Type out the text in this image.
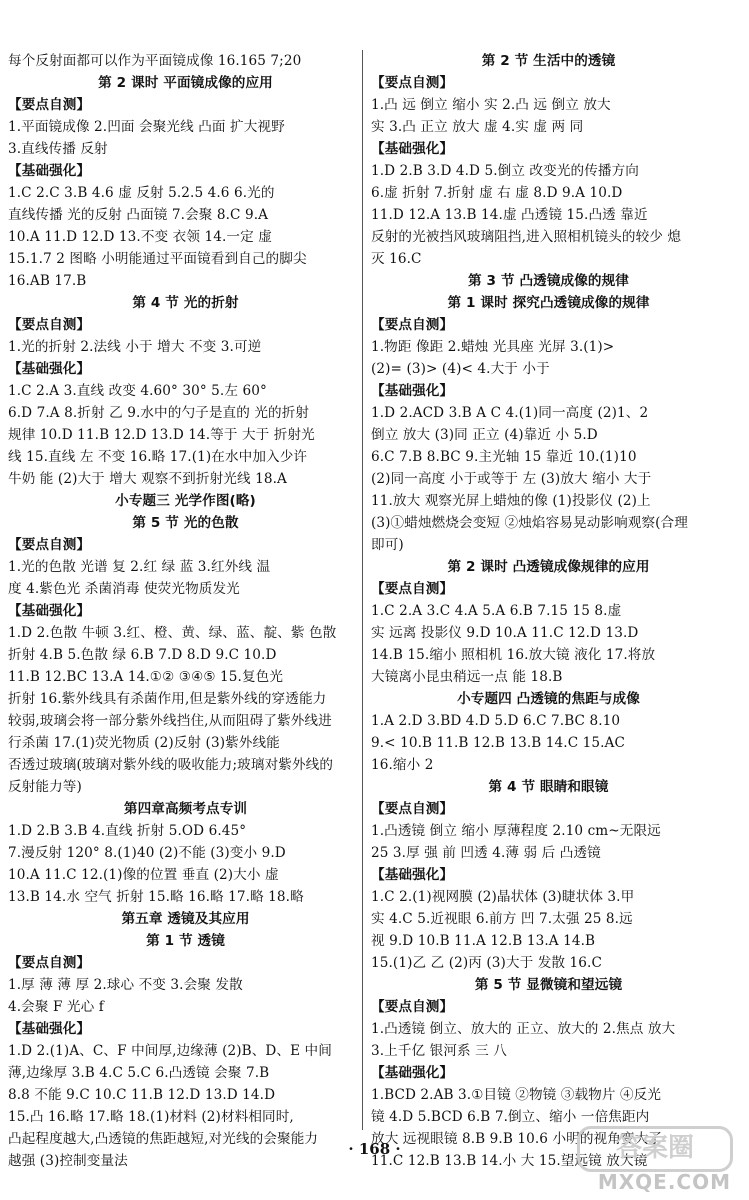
每个反射面都可以作为平面镜成像 16.165 7;20
第 2 课时 平面镜成像的应用
【要点自测】
1.平面镜成像 2.凹面 会聚光线 凸面 扩大视野
3.直线传播 反射
【基础强化】
1.C 2.C 3.B 4.6 虚 反射 5.2.5 4.6 6.光的
直线传播 光的反射 凸面镜 7.会聚 8.C 9.A
10.A 11.D 12.D 13.不变 衣领 14.一定 虚
15.1.7 2 图略 小明能通过平面镜看到自己的脚尖
16.AB 17.B
第 4 节 光的折射
【要点自测】
1.光的折射 2.法线 小于 增大 不变 3.可逆
【基础强化】
1.C 2.A 3.直线 改变 4.60° 30° 5.左 60°
6.D 7.A 8.折射 乙 9.水中的勺子是直的 光的折射
规律 10.D 11.B 12.D 13.D 14.等于 大于 折射光
线 15.直线 左 不变 16.略 17.(1)在水中加入少许
牛奶 能 (2)大于 增大 观察不到折射光线 18.A
小专题三 光学作图(略)
第 5 节 光的色散
【要点自测】
1.光的色散 光谱 复 2.红 绿 蓝 3.红外线 温
度 4.紫色光 杀菌消毒 使荧光物质发光
【基础强化】
1.D 2.色散 牛顿 3.红、橙、黄、绿、蓝、靛、紫 色散
折射 4.B 5.色散 绿 6.B 7.D 8.D 9.C 10.D
11.B 12.BC 13.A 14.①② ③④⑤ 15.复色光
折射 16.紫外线具有杀菌作用,但是紫外线的穿透能力
较弱,玻璃会将一部分紫外线挡住,从而阻碍了紫外线进
行杀菌 17.(1)荧光物质 (2)反射 (3)紫外线能
否透过玻璃(玻璃对紫外线的吸收能力;玻璃对紫外线的
反射能力等)
第四章高频考点专训
1.D 2.B 3.B 4.直线 折射 5.OD 6.45°
7.漫反射 120° 8.(1)40 (2)不能 (3)变小 9.D
10.A 11.C 12.(1)像的位置 垂直 (2)大小 虚
13.B 14.水 空气 折射 15.略 16.略 17.略 18.略
第五章 透镜及其应用
第 1 节 透镜
【要点自测】
1.厚 薄 薄 厚 2.球心 不变 3.会聚 发散
4.会聚 F 光心 f
【基础强化】
1.D 2.(1)A、C、F 中间厚,边缘薄 (2)B、D、E 中间
薄,边缘厚 3.B 4.C 5.C 6.凸透镜 会聚 7.B
8.8 不能 9.C 10.C 11.B 12.D 13.D 14.D
15.凸 16.略 17.略 18.(1)材料 (2)材料相同时,
凸起程度越大,凸透镜的焦距越短,对光线的会聚能力
越强 (3)控制变量法
第 2 节 生活中的透镜
【要点自测】
1.凸 远 倒立 缩小 实 2.凸 远 倒立 放大
实 3.凸 正立 放大 虚 4.实 虚 两 同
【基础强化】
1.D 2.B 3.D 4.D 5.倒立 改变光的传播方向
6.虚 折射 7.折射 虚 右 虚 8.D 9.A 10.D
11.D 12.A 13.B 14.虚 凸透镜 15.凸透 靠近
反射的光被挡风玻璃阻挡,进入照相机镜头的较少 熄
灭 16.C
第 3 节 凸透镜成像的规律
第 1 课时 探究凸透镜成像的规律
【要点自测】
1.物距 像距 2.蜡烛 光具座 光屏 3.(1)>
(2)= (3)> (4)< 4.大于 小于
【基础强化】
1.D 2.ACD 3.B A C 4.(1)同一高度 (2)1、2
倒立 放大 (3)同 正立 (4)靠近 小 5.D
6.C 7.B 8.BC 9.主光轴 15 靠近 10.(1)10
(2)同一高度 小于或等于 左 (3)放大 缩小 大于
11.放大 观察光屏上蜡烛的像 (1)投影仪 (2)上
(3)①蜡烛燃烧会变短 ②烛焰容易晃动影响观察(合理
即可)
第 2 课时 凸透镜成像规律的应用
【要点自测】
1.C 2.A 3.C 4.A 5.A 6.B 7.15 15 8.虚
实 远离 投影仪 9.D 10.A 11.C 12.D 13.D
14.B 15.缩小 照相机 16.放大镜 液化 17.将放
大镜离小昆虫稍远一点 能 18.B
小专题四 凸透镜的焦距与成像
1.A 2.D 3.BD 4.D 5.D 6.C 7.BC 8.10
9.< 10.B 11.B 12.B 13.B 14.C 15.AC
16.缩小 2
第 4 节 眼睛和眼镜
【要点自测】
1.凸透镜 倒立 缩小 厚薄程度 2.10 cm~无限远
25 3.厚 强 前 凹透 4.薄 弱 后 凸透镜
【基础强化】
1.C 2.(1)视网膜 (2)晶状体 (3)睫状体 3.甲
实 4.C 5.近视眼 6.前方 凹 7.太强 25 8.远
视 9.D 10.B 11.A 12.B 13.A 14.B
15.(1)乙 乙 (2)丙 (3)大于 发散 16.C
第 5 节 显微镜和望远镜
【要点自测】
1.凸透镜 倒立、放大的 正立、放大的 2.焦点 放大
3.上千亿 银河系 三 八
【基础强化】
1.BCD 2.AB 3.①目镜 ②物镜 ③载物片 ④反光
镜 4.D 5.BCD 6.B 7.倒立、缩小 一倍焦距内
放大 远视眼镜 8.B 9.B 10.6 小明的视角变大了
11.C 12.B 13.B 14.小 大 15.望远镜 放大镜
· 168 ·	答案圈
MXQE.COM
